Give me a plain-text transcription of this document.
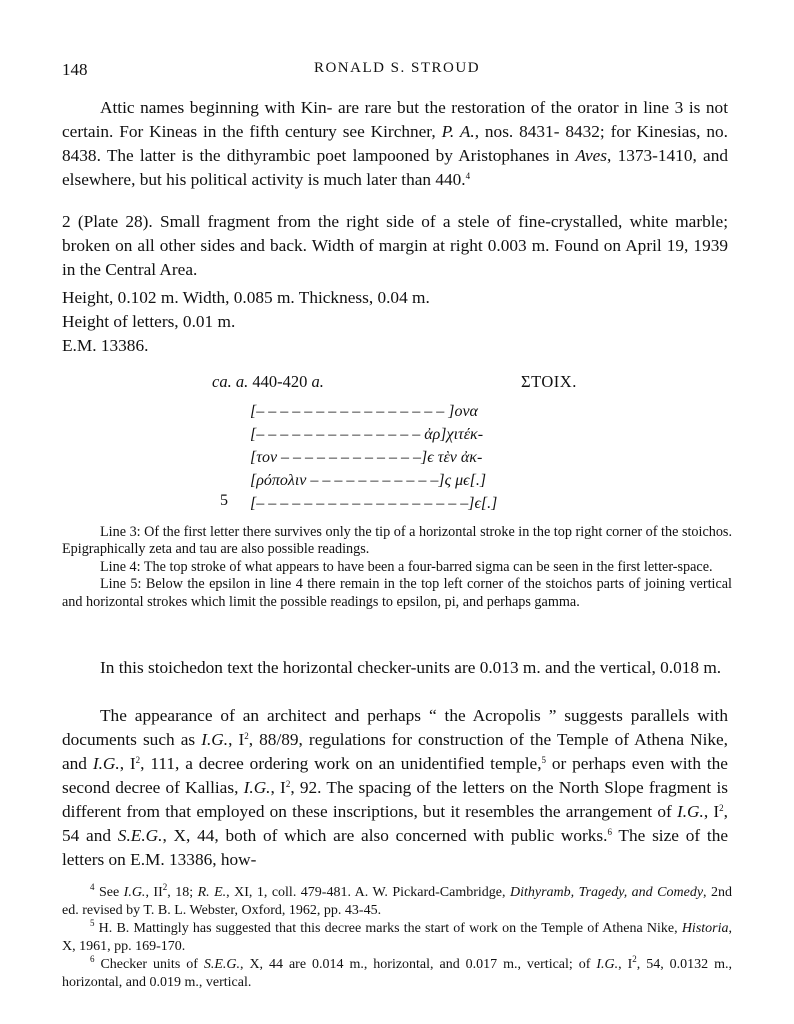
148	RONALD S. STROUD

Attic names beginning with Kin- are rare but the restoration of the orator in line 3 is not certain. For Kineas in the fifth century see Kirchner, P. A., nos. 8431- 8432; for Kinesias, no. 8438. The latter is the dithyrambic poet lampooned by Aristophanes in Aves, 1373-1410, and elsewhere, but his political activity is much later than 440.$^4$

2 (Plate 28). Small fragment from the right side of a stele of fine-crystalled, white marble; broken on all other sides and back. Width of margin at right 0.003 m. Found on April 19, 1939 in the Central Area.

Height, 0.102 m. Width, 0.085 m. Thickness, 0.04 m.

Height of letters, 0.01 m.

E.M. 13386.

ca. a. 440-420 a.	ΣΤΟΙΧ.
[– – – – – – – – – – – – – – – – ]ονα
[– – – – – – – – – – – – – – ἀρ]χιτέκ-
[τον – – – – – – – – – – – –]ϵ τὲν ἀκ-
[ρόπολιν – – – – – – – – – – –]ς μϵ[.]
[– – – – – – – – – – – – – – – – – –]ϵ[.]
5

Line 3: Of the first letter there survives only the tip of a horizontal stroke in the top right corner of the stoichos. Epigraphically zeta and tau are also possible readings.

Line 4: The top stroke of what appears to have been a four-barred sigma can be seen in the first letter-space.

Line 5: Below the epsilon in line 4 there remain in the top left corner of the stoichos parts of joining vertical and horizontal strokes which limit the possible readings to epsilon, pi, and perhaps gamma.

In this stoichedon text the horizontal checker-units are 0.013 m. and the vertical, 0.018 m.

The appearance of an architect and perhaps “ the Acropolis ” suggests parallels with documents such as I.G., $I^2$, 88/89, regulations for construction of the Temple of Athena Nike, and I.G., $I^2$, 111, a decree ordering work on an unidentified temple,$^5$ or perhaps even with the second decree of Kallias, I.G., $I^2$, 92. The spacing of the letters on the North Slope fragment is different from that employed on these inscriptions, but it resembles the arrangement of I.G., $I^2$, 54 and S.E.G., X, 44, both of which are also concerned with public works.$^6$ The size of the letters on E.M. 13386, how-

$^4$ See I.G., $II^2$, 18; R. E., XI, 1, coll. 479-481. A. W. Pickard-Cambridge, Dithyramb, Tragedy, and Comedy, 2nd ed. revised by T. B. L. Webster, Oxford, 1962, pp. 43-45.

$^5$ H. B. Mattingly has suggested that this decree marks the start of work on the Temple of Athena Nike, Historia, X, 1961, pp. 169-170.

$^6$ Checker units of S.E.G., X, 44 are 0.014 m., horizontal, and 0.017 m., vertical; of I.G., $I^2$, 54, 0.0132 m., horizontal, and 0.019 m., vertical.
